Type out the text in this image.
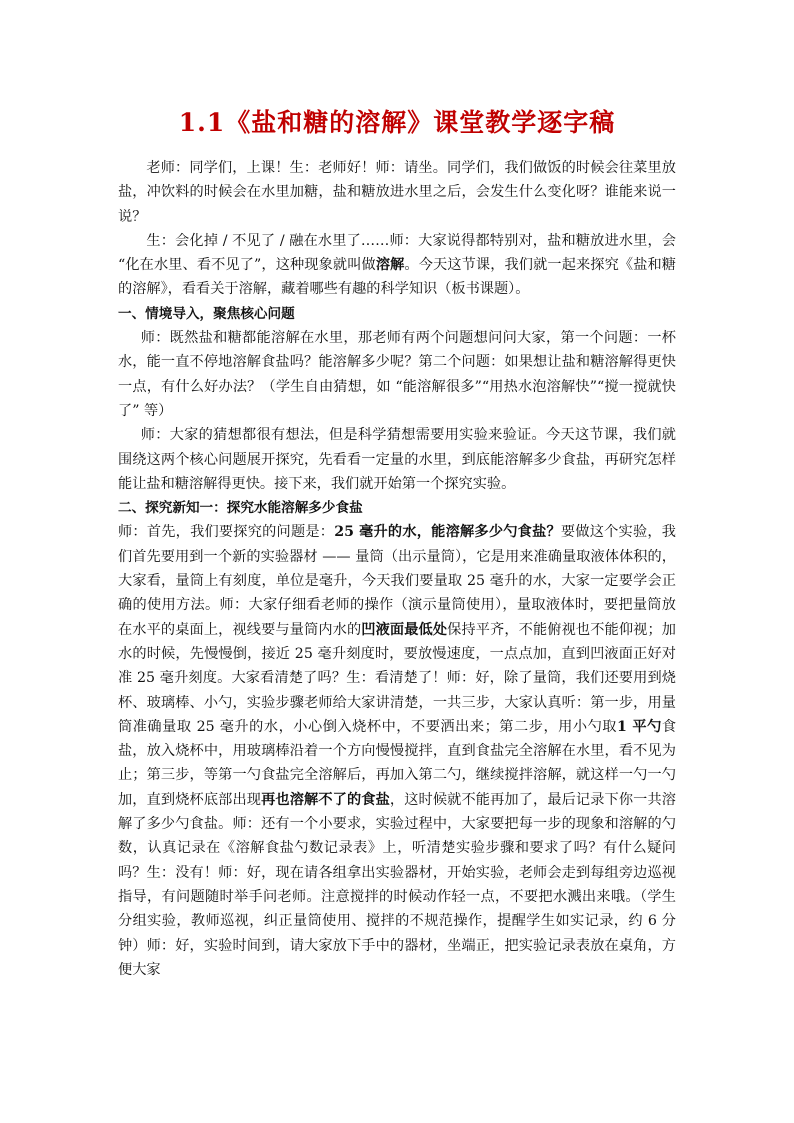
1.1《盐和糖的溶解》课堂教学逐字稿

老师：同学们，上课！生：老师好！师：请坐。同学们，我们做饭的时候会往菜里放盐，冲饮料的时候会在水里加糖，盐和糖放进水里之后，会发生什么变化呀？谁能来说一说？

生：会化掉 / 不见了 / 融在水里了……师：大家说得都特别对，盐和糖放进水里，会 “化在水里、看不见了”，这种现象就叫做溶解。今天这节课，我们就一起来探究《盐和糖的溶解》，看看关于溶解，藏着哪些有趣的科学知识（板书课题）。

一、情境导入，聚焦核心问题

师：既然盐和糖都能溶解在水里，那老师有两个问题想问问大家，第一个问题：一杯水，能一直不停地溶解食盐吗？能溶解多少呢？第二个问题：如果想让盐和糖溶解得更快一点，有什么好办法？（学生自由猜想，如 “能溶解很多”“用热水泡溶解快”“搅一搅就快了” 等）

师：大家的猜想都很有想法，但是科学猜想需要用实验来验证。今天这节课，我们就围绕这两个核心问题展开探究，先看看一定量的水里，到底能溶解多少食盐，再研究怎样能让盐和糖溶解得更快。接下来，我们就开始第一个探究实验。

二、探究新知一：探究水能溶解多少食盐

师：首先，我们要探究的问题是：25 毫升的水，能溶解多少勺食盐？要做这个实验，我们首先要用到一个新的实验器材 —— 量筒（出示量筒），它是用来准确量取液体体积的，大家看，量筒上有刻度，单位是毫升，今天我们要量取 25 毫升的水，大家一定要学会正确的使用方法。师：大家仔细看老师的操作（演示量筒使用），量取液体时，要把量筒放在水平的桌面上，视线要与量筒内水的凹液面最低处保持平齐，不能俯视也不能仰视；加水的时候，先慢慢倒，接近 25 毫升刻度时，要放慢速度，一点点加，直到凹液面正好对准 25 毫升刻度。大家看清楚了吗？生：看清楚了！师：好，除了量筒，我们还要用到烧杯、玻璃棒、小勺，实验步骤老师给大家讲清楚，一共三步，大家认真听：第一步，用量筒准确量取 25 毫升的水，小心倒入烧杯中，不要洒出来；第二步，用小勺取1 平勺食盐，放入烧杯中，用玻璃棒沿着一个方向慢慢搅拌，直到食盐完全溶解在水里，看不见为止；第三步，等第一勺食盐完全溶解后，再加入第二勺，继续搅拌溶解，就这样一勺一勺加，直到烧杯底部出现再也溶解不了的食盐，这时候就不能再加了，最后记录下你一共溶解了多少勺食盐。师：还有一个小要求，实验过程中，大家要把每一步的现象和溶解的勺数，认真记录在《溶解食盐勺数记录表》上，听清楚实验步骤和要求了吗？有什么疑问吗？生：没有！师：好，现在请各组拿出实验器材，开始实验，老师会走到每组旁边巡视指导，有问题随时举手问老师。注意搅拌的时候动作轻一点，不要把水溅出来哦。（学生分组实验，教师巡视，纠正量筒使用、搅拌的不规范操作，提醒学生如实记录，约 6 分钟）师：好，实验时间到，请大家放下手中的器材，坐端正，把实验记录表放在桌角，方便大家
